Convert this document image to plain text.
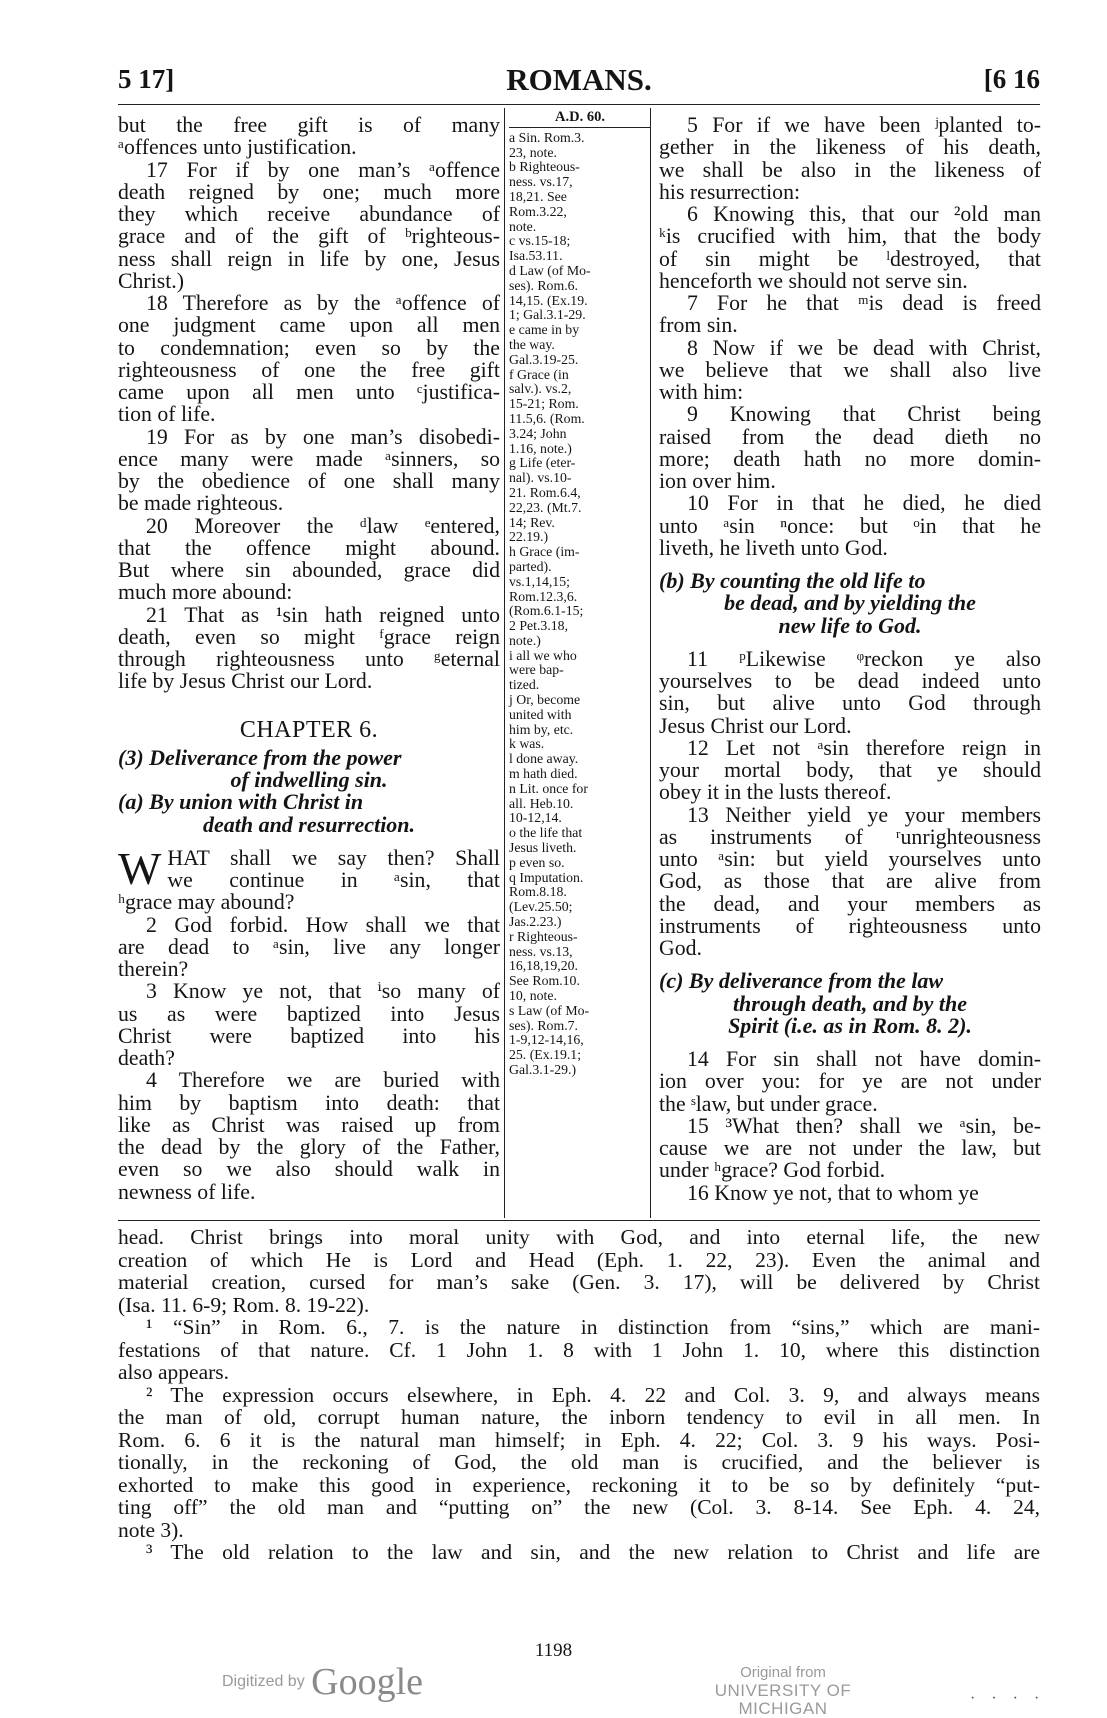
5 17]	ROMANS.	[6 16
but the free gift is of many
ᵃoffences unto justification.
17 For if by one man’s ᵃoffence
death reigned by one; much more
they which receive abundance of
grace and of the gift of ᵇrighteous-
ness shall reign in life by one, Jesus
Christ.)
18 Therefore as by the ᵃoffence of
one judgment came upon all men
to condemnation; even so by the
righteousness of one the free gift
came upon all men unto ᶜjustifica-
tion of life.
19 For as by one man’s disobedi-
ence many were made ᵃsinners, so
by the obedience of one shall many
be made righteous.
20 Moreover the ᵈlaw ᵉentered,
that the offence might abound.
But where sin abounded, grace did
much more abound:
21 That as ¹sin hath reigned unto
death, even so might ᶠgrace reign
through righteousness unto ᵍeternal
life by Jesus Christ our Lord.
CHAPTER 6.
(3) Deliverance from the power
of indwelling sin.
(a) By union with Christ in
death and resurrection.
W HAT shall we say then? Shall
we continue in ᵃsin, that
ʰgrace may abound?
2 God forbid. How shall we that
are dead to ᵃsin, live any longer
therein?
3 Know ye not, that ⁱso many of
us as were baptized into Jesus
Christ were baptized into his
death?
4 Therefore we are buried with
him by baptism into death: that
like as Christ was raised up from
the dead by the glory of the Father,
even so we also should walk in
newness of life.
A.D. 60.
a Sin. Rom.3.
23, note.
b Righteous-
ness. vs.17,
18,21. See
Rom.3.22,
note.
c vs.15-18;
Isa.53.11.
d Law (of Mo-
ses). Rom.6.
14,15. (Ex.19.
1; Gal.3.1-29.
e came in by
the way.
Gal.3.19-25.
f Grace (in
salv.). vs.2,
15-21; Rom.
11.5,6. (Rom.
3.24; John
1.16, note.)
g Life (eter-
nal). vs.10-
21. Rom.6.4,
22,23. (Mt.7.
14; Rev.
22.19.)
h Grace (im-
parted).
vs.1,14,15;
Rom.12.3,6.
(Rom.6.1-15;
2 Pet.3.18,
note.)
i all we who
were bap-
tized.
j Or, become
united with
him by, etc.
k was.
l done away.
m hath died.
n Lit. once for
all. Heb.10.
10-12,14.
o the life that
Jesus liveth.
p even so.
q Imputation.
Rom.8.18.
(Lev.25.50;
Jas.2.23.)
r Righteous-
ness. vs.13,
16,18,19,20.
See Rom.10.
10, note.
s Law (of Mo-
ses). Rom.7.
1-9,12-14,16,
25. (Ex.19.1;
Gal.3.1-29.)
5 For if we have been ʲplanted to-
gether in the likeness of his death,
we shall be also in the likeness of
his resurrection:
6 Knowing this, that our ²old man
ᵏis crucified with him, that the body
of sin might be ˡdestroyed, that
henceforth we should not serve sin.
7 For he that ᵐis dead is freed
from sin.
8 Now if we be dead with Christ,
we believe that we shall also live
with him:
9 Knowing that Christ being
raised from the dead dieth no
more; death hath no more domin-
ion over him.
10 For in that he died, he died
unto ᵃsin ⁿonce: but ᵒin that he
liveth, he liveth unto God.
(b) By counting the old life to
be dead, and by yielding the
new life to God.
11 ᵖLikewise ᵠreckon ye also
yourselves to be dead indeed unto
sin, but alive unto God through
Jesus Christ our Lord.
12 Let not ᵃsin therefore reign in
your mortal body, that ye should
obey it in the lusts thereof.
13 Neither yield ye your members
as instruments of ʳunrighteousness
unto ᵃsin: but yield yourselves unto
God, as those that are alive from
the dead, and your members as
instruments of righteousness unto
God.
(c) By deliverance from the law
through death, and by the
Spirit (i.e. as in Rom. 8. 2).
14 For sin shall not have domin-
ion over you: for ye are not under
the ˢlaw, but under grace.
15 ³What then? shall we ᵃsin, be-
cause we are not under the law, but
under ʰgrace? God forbid.
16 Know ye not, that to whom ye
head. Christ brings into moral unity with God, and into eternal life, the new
creation of which He is Lord and Head (Eph. 1. 22, 23). Even the animal and
material creation, cursed for man’s sake (Gen. 3. 17), will be delivered by Christ
(Isa. 11. 6-9; Rom. 8. 19-22).
¹ “Sin” in Rom. 6., 7. is the nature in distinction from “sins,” which are mani-
festations of that nature. Cf. 1 John 1. 8 with 1 John 1. 10, where this distinction
also appears.
² The expression occurs elsewhere, in Eph. 4. 22 and Col. 3. 9, and always means
the man of old, corrupt human nature, the inborn tendency to evil in all men. In
Rom. 6. 6 it is the natural man himself; in Eph. 4. 22; Col. 3. 9 his ways. Posi-
tionally, in the reckoning of God, the old man is crucified, and the believer is
exhorted to make this good in experience, reckoning it to be so by definitely “put-
ting off” the old man and “putting on” the new (Col. 3. 8-14. See Eph. 4. 24,
note 3).
³ The old relation to the law and sin, and the new relation to Christ and life are
1198
Digitized by Google	Original from
UNIVERSITY OF MICHIGAN
· · · ·
